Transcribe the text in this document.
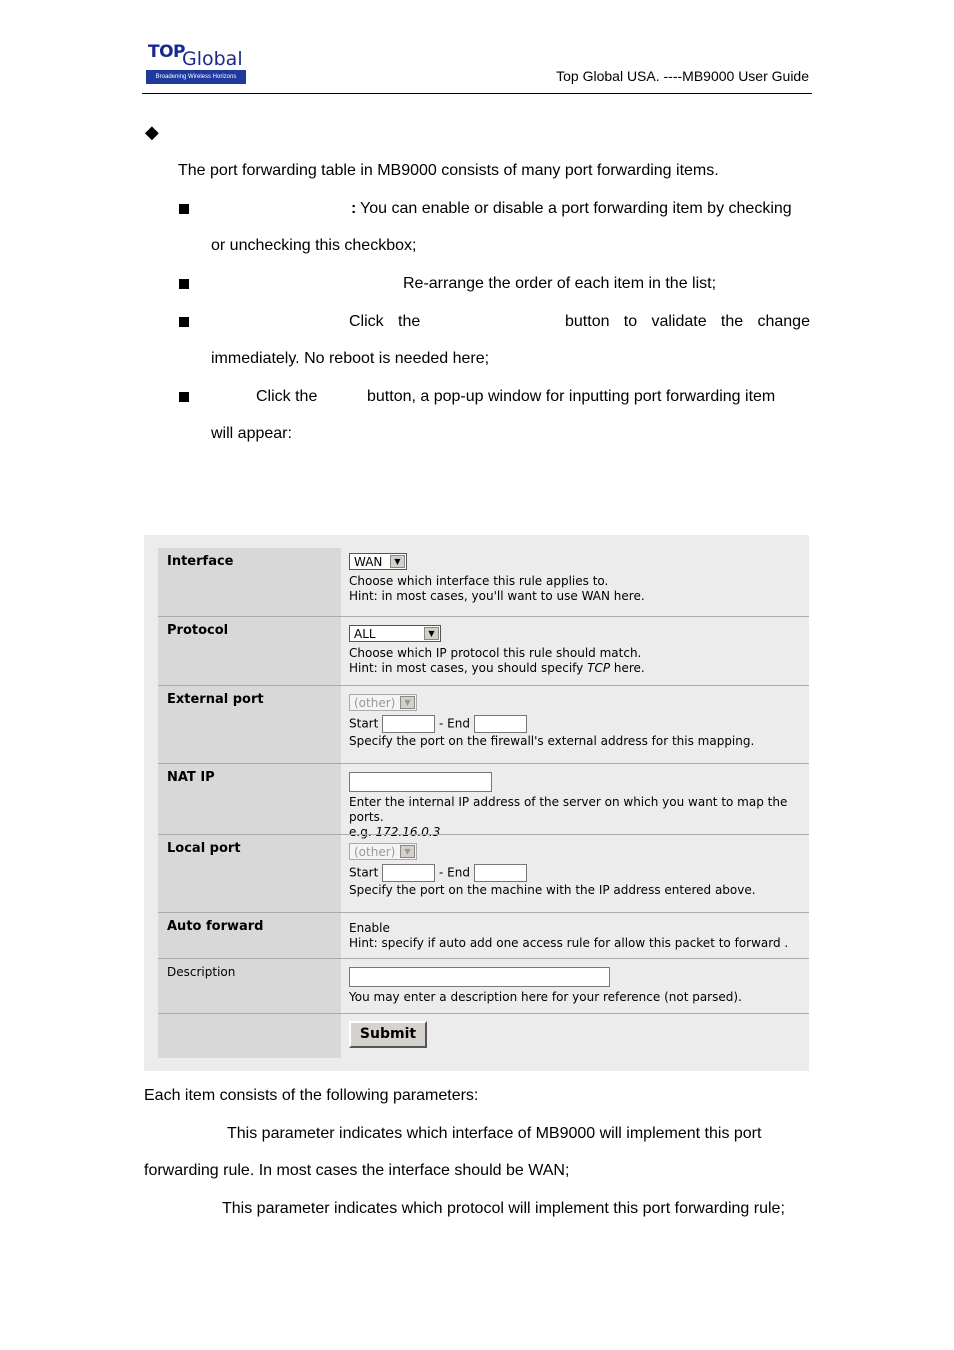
TOP
Global
Broadening Wireless Horizons	Top Global USA. ----MB9000 User Guide
◆
The port forwarding table in MB9000 consists of many port forwarding items.
: You can enable or disable a port forwarding item by checking
or unchecking this checkbox;
Re-arrange the order of each item in the list;
Click the	button to validate the change
immediately. No reboot is needed here;
Click the	button, a pop-up window for inputting port forwarding item
will appear:
Interface	WAN	▼
Choose which interface this rule applies to.
Hint: in most cases, you'll want to use WAN here.
Protocol	ALL	▼
Choose which IP protocol this rule should match.
Hint: in most cases, you should specify TCP here.
External port	(other)	▼
Start	- End
Specify the port on the firewall's external address for this mapping.
NAT IP
Enter the internal IP address of the server on which you want to map the ports.
e.g. 172.16.0.3
Local port	(other)	▼
Start	- End
Specify the port on the machine with the IP address entered above.
Auto forward	Enable
Hint: specify if auto add one access rule for allow this packet to forward .
Description
You may enter a description here for your reference (not parsed).
Submit
Each item consists of the following parameters:
This parameter indicates which interface of MB9000 will implement this port
forwarding rule. In most cases the interface should be WAN;
This parameter indicates which protocol will implement this port forwarding rule;
